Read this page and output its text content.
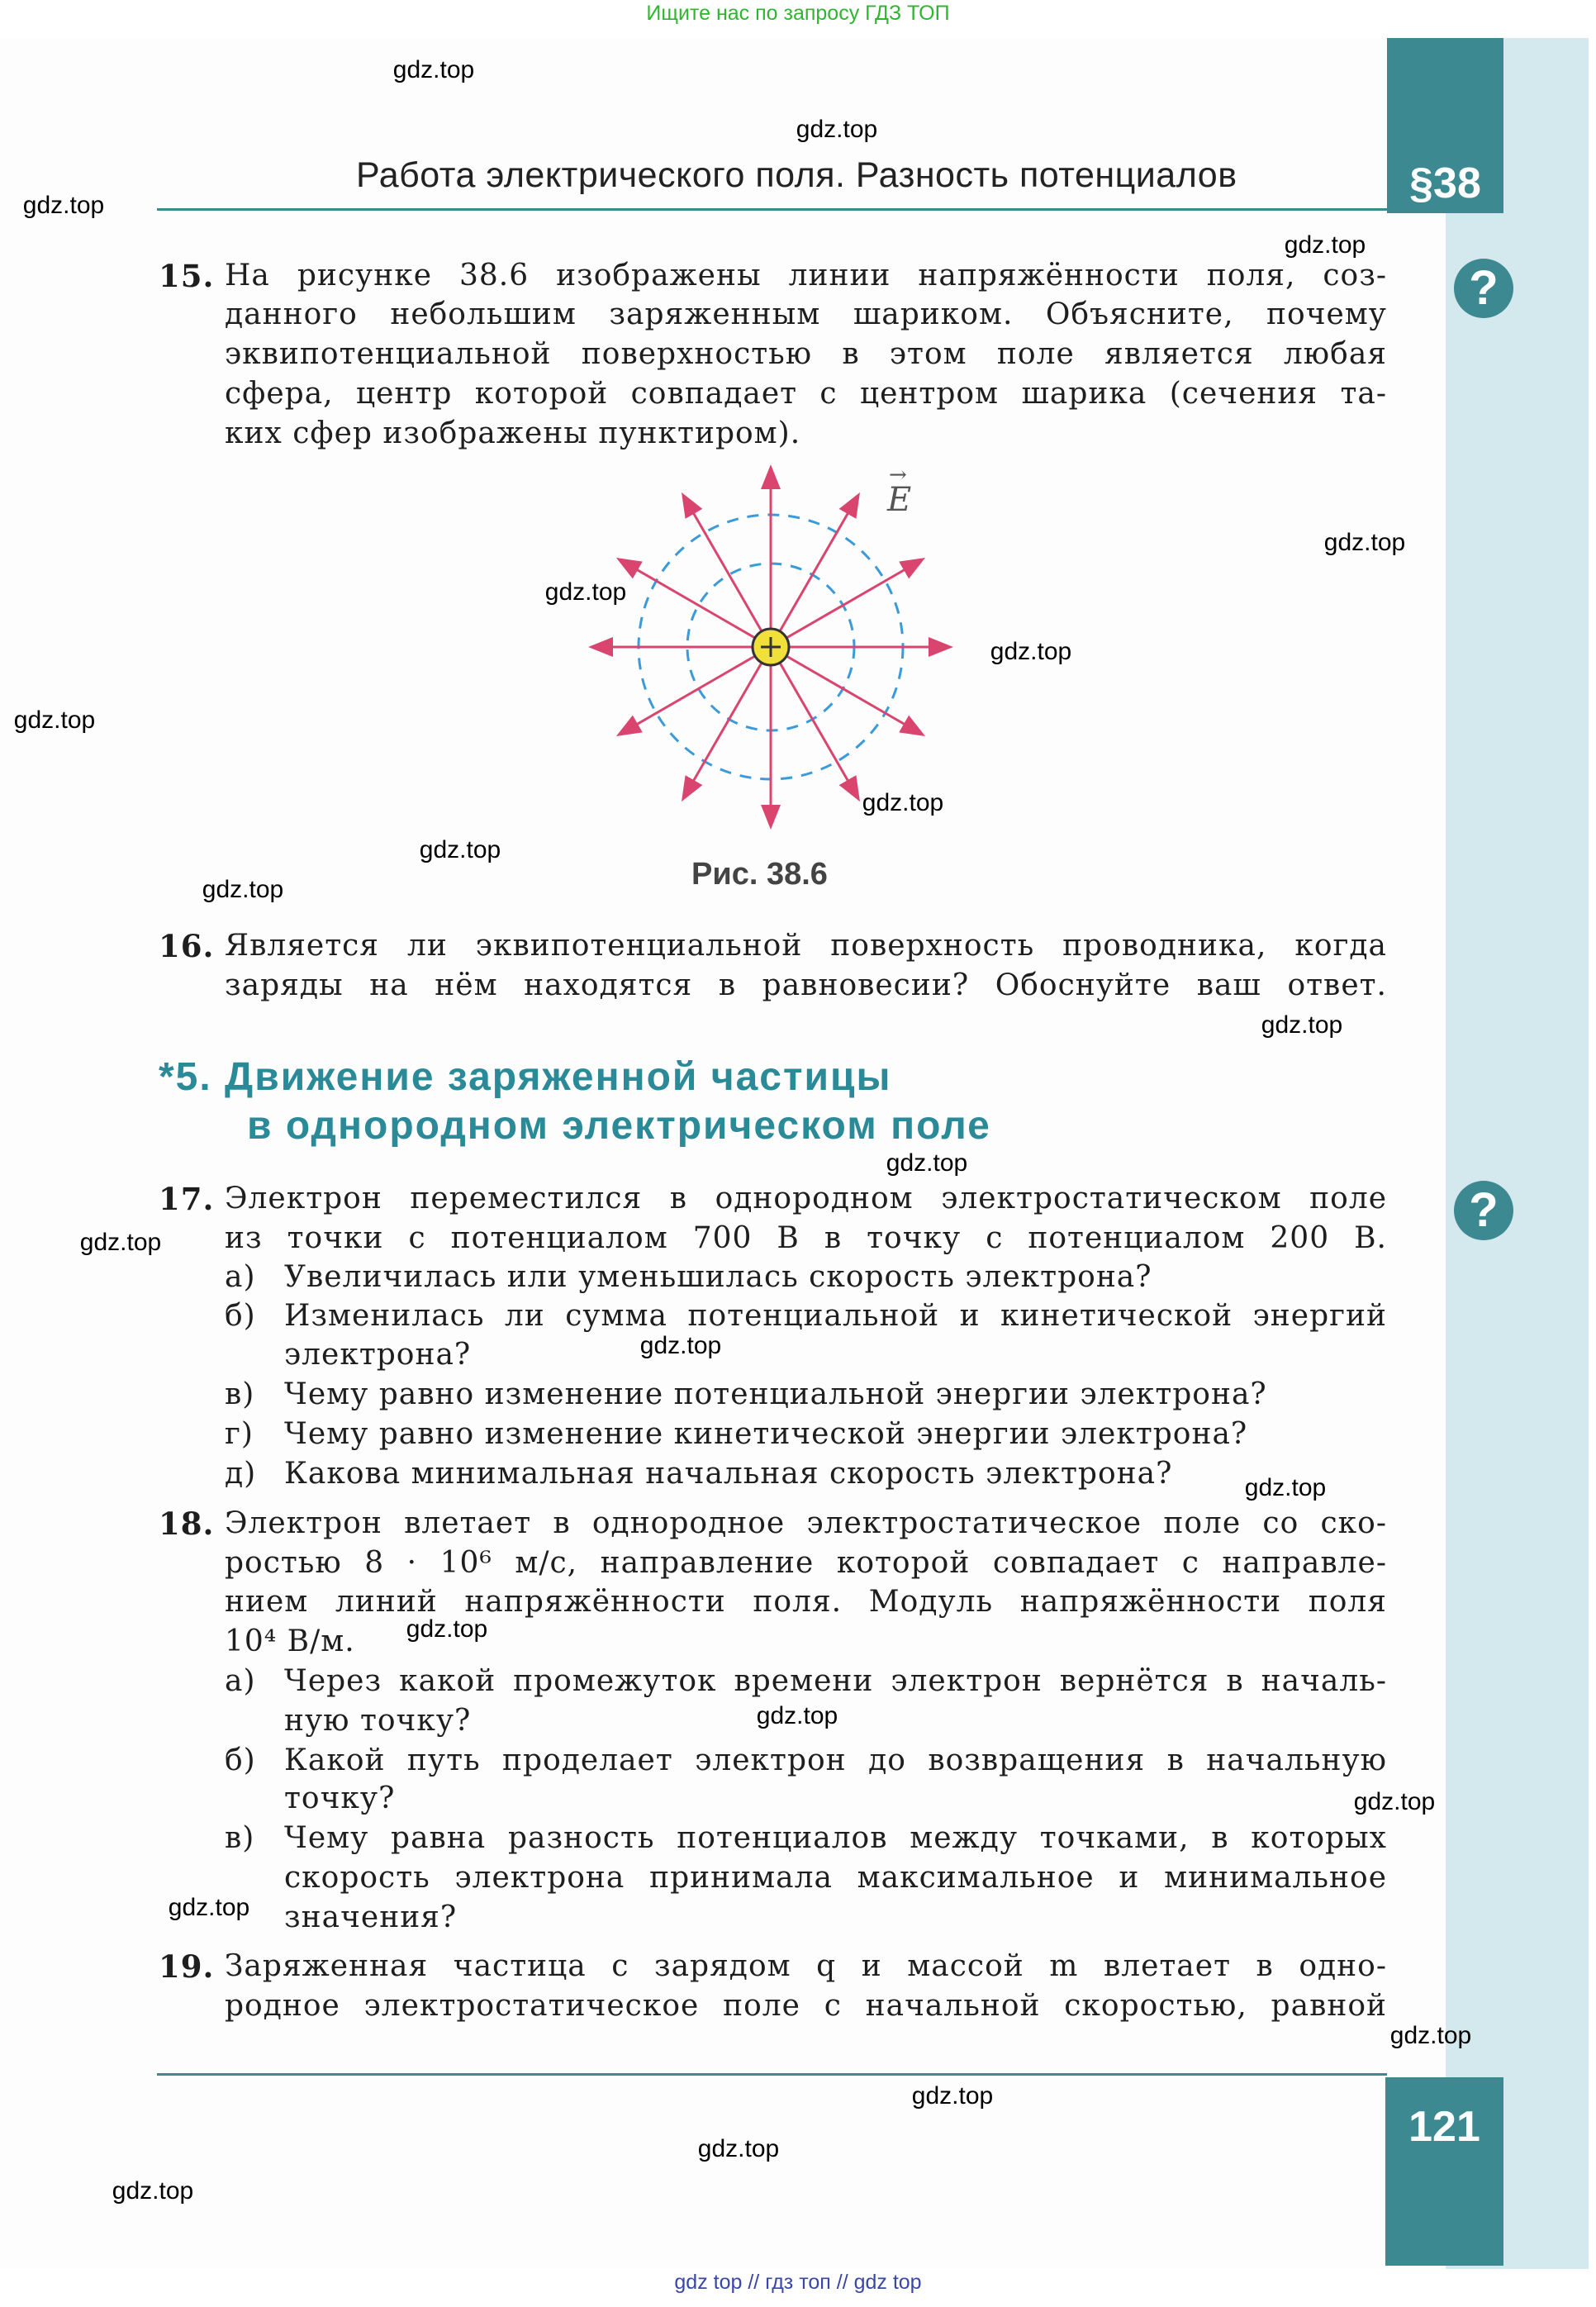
Ищите нас по запросу ГДЗ ТОП
§38
Работа электрического поля. Разность потенциалов
?
?
15. На рисунке 38.6 изображены линии напряжённости поля, соз-
данного небольшим заряженным шариком. Объясните, почему
эквипотенциальной поверхностью в этом поле является любая
сфера, центр которой совпадает с центром шарика (сечения та-
ких сфер изображены пунктиром).
→
E
Рис. 38.6
16. Является ли эквипотенциальной поверхность проводника, когда
заряды на нём находятся в равновесии? Обоснуйте ваш ответ.
*5. Движение заряженной частицы
в однородном электрическом поле
17. Электрон переместился в однородном электростатическом поле
из точки с потенциалом 700 В в точку с потенциалом 200 В.
а) Увеличилась или уменьшилась скорость электрона?
б) Изменилась ли сумма потенциальной и кинетической энергий
электрона?
в) Чему равно изменение потенциальной энергии электрона?
г) Чему равно изменение кинетической энергии электрона?
д) Какова минимальная начальная скорость электрона?
18. Электрон влетает в однородное электростатическое поле со ско-
ростью 8 · 10⁶ м/с, направление которой совпадает с направле-
нием линий напряжённости поля. Модуль напряжённости поля
10⁴ В/м.
а) Через какой промежуток времени электрон вернётся в началь-
ную точку?
б) Какой путь проделает электрон до возвращения в начальную
точку?
в) Чему равна разность потенциалов между точками, в которых
скорость электрона принимала максимальное и минимальное
значения?
19. Заряженная частица с зарядом q и массой m влетает в одно-
родное электростатическое поле с начальной скоростью, равной
121
gdz.top
gdz.top
gdz.top
gdz.top
gdz.top
gdz.top
gdz.top
gdz.top
gdz.top
gdz.top
gdz.top
gdz.top
gdz.top
gdz.top
gdz.top
gdz.top
gdz.top
gdz.top
gdz.top
gdz.top
gdz.top
gdz.top
gdz.top
gdz.top
gdz top // гдз топ // gdz top
